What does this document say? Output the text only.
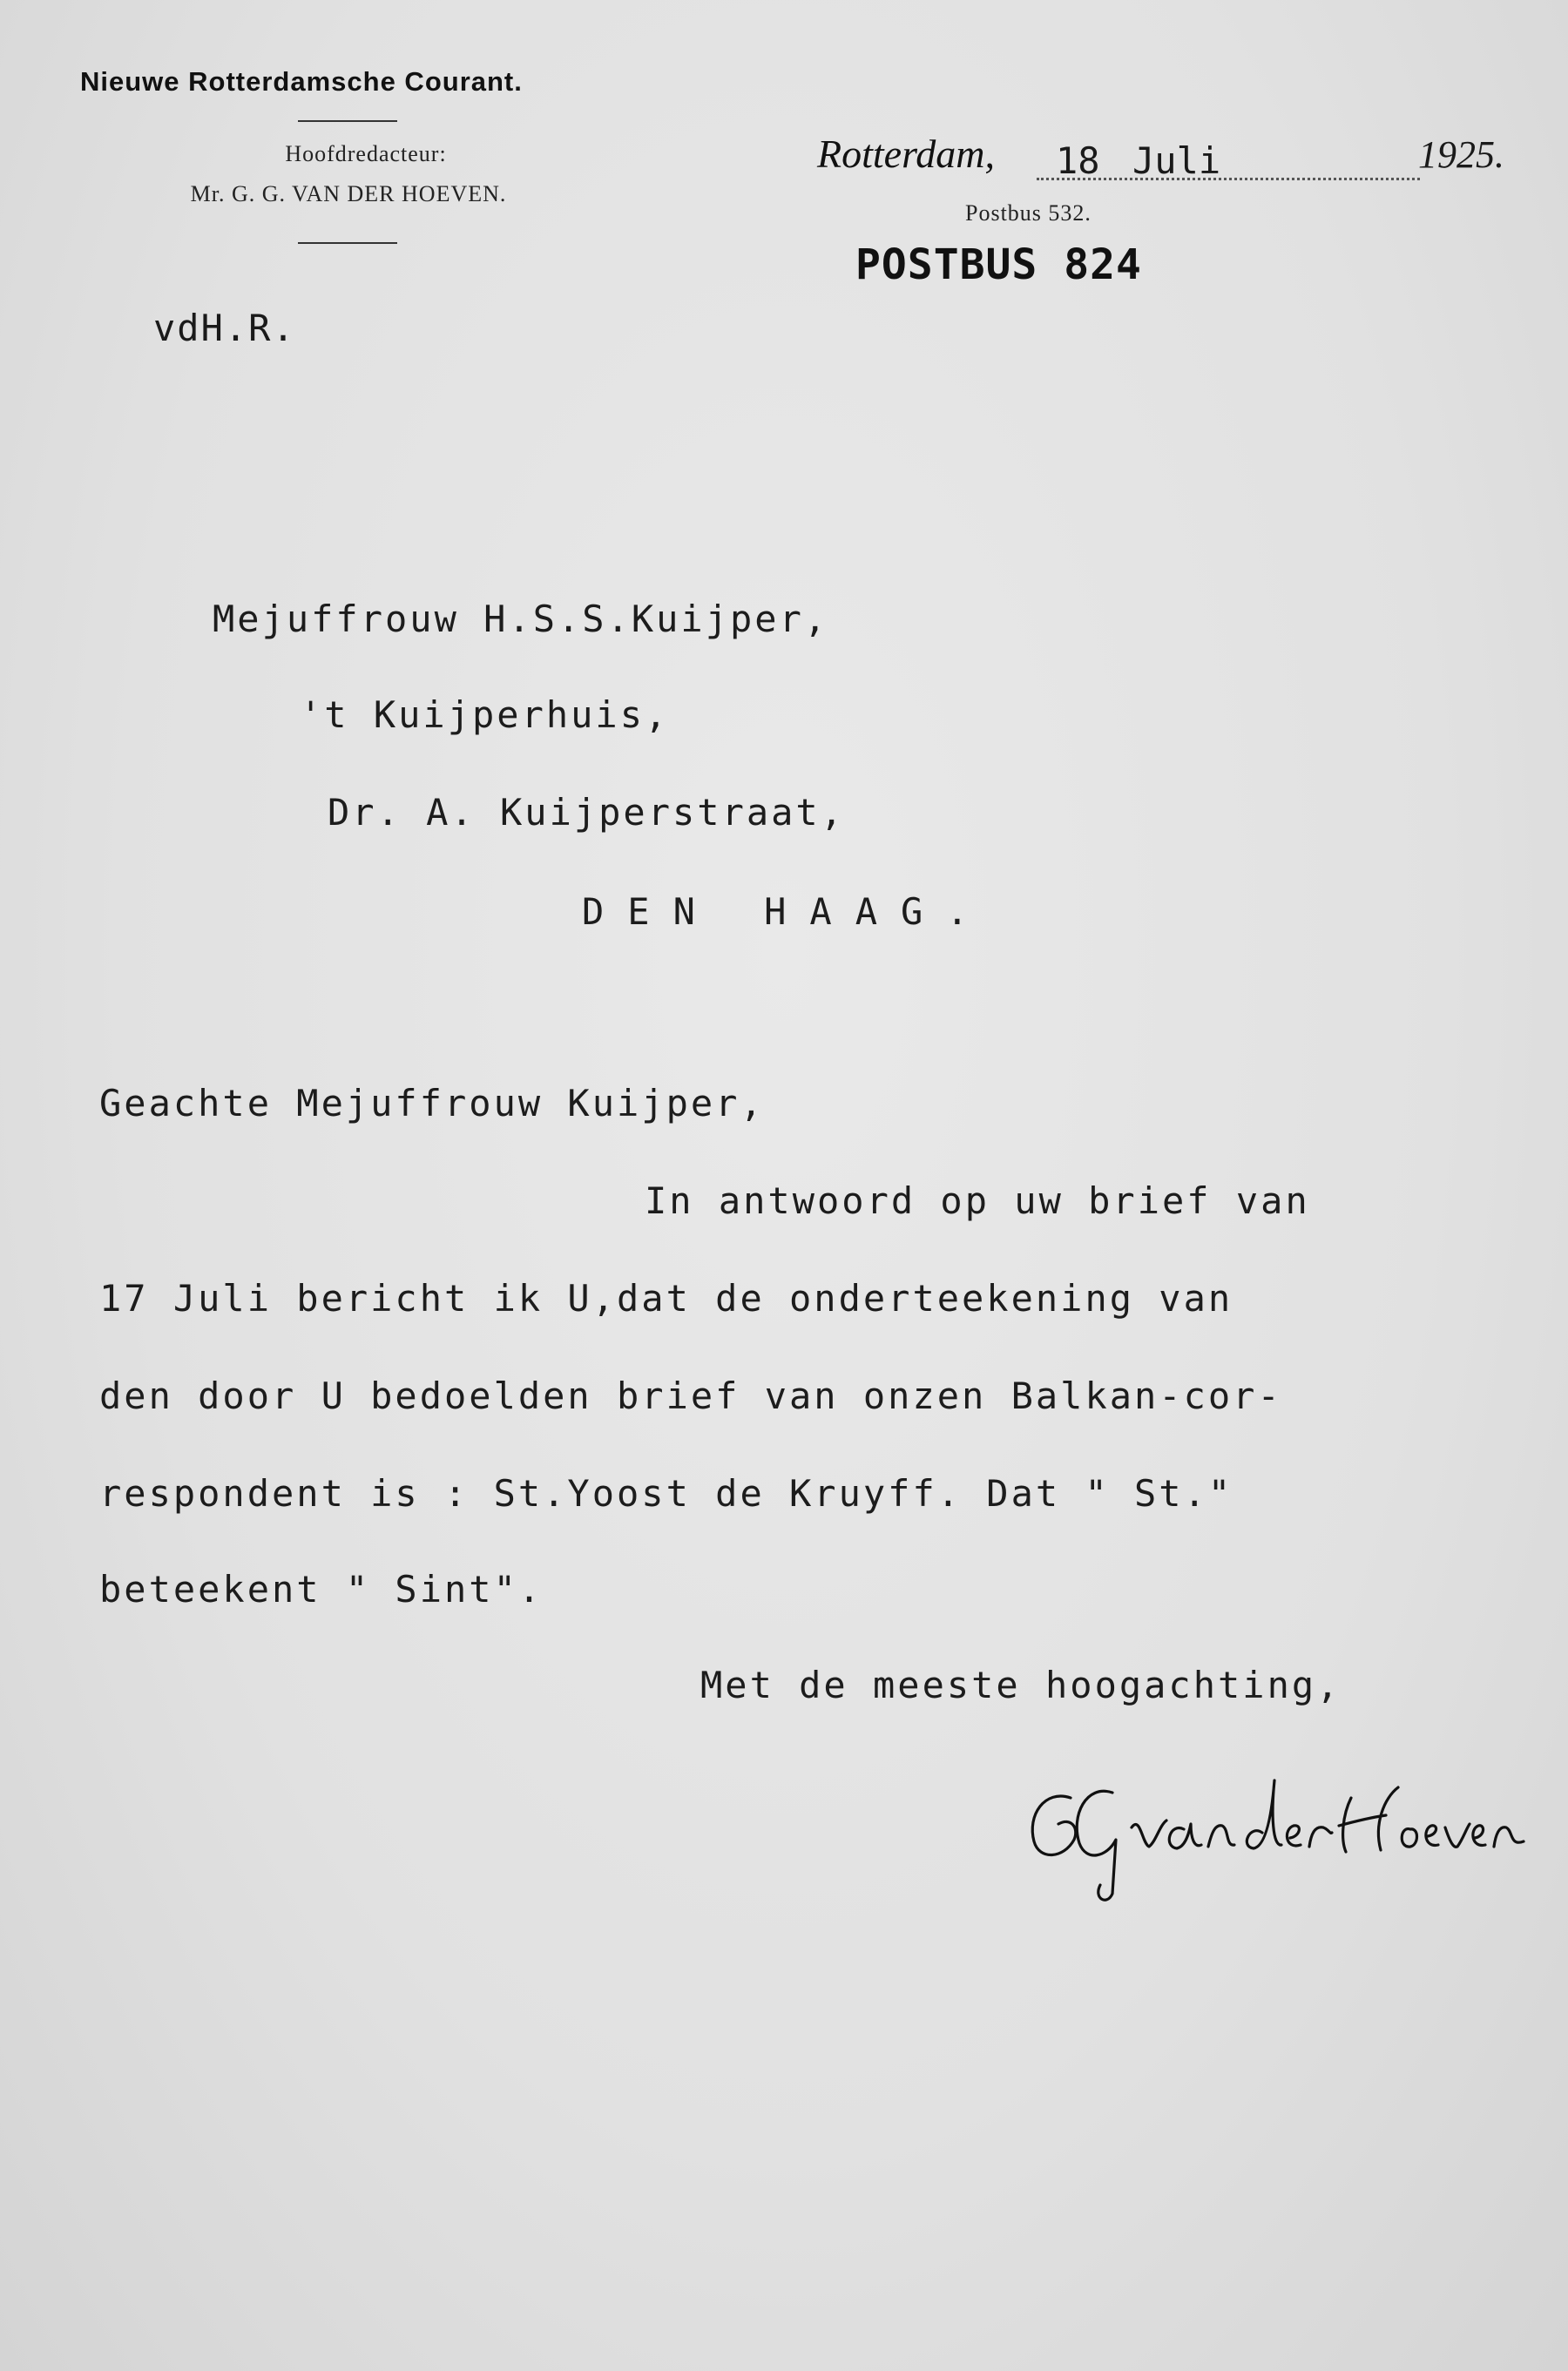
Nieuwe Rotterdamsche Courant.
Hoofdredacteur:
Mr. G. G. VAN DER HOEVEN.
Rotterdam, 18 Juli	1925.
Postbus 532.
POSTBUS 824
vdH.R.
Mejuffrouw H.S.S.Kuijper,
't Kuijperhuis,
Dr. A. Kuijperstraat,
DEN HAAG.
Geachte Mejuffrouw Kuijper,
In antwoord op uw brief van
17 Juli bericht ik U,dat de onderteekening van
den door U bedoelden brief van onzen Balkan-cor-
respondent is : St.Yoost de Kruyff. Dat " St."
beteekent " Sint".
Met de meeste hoogachting,
